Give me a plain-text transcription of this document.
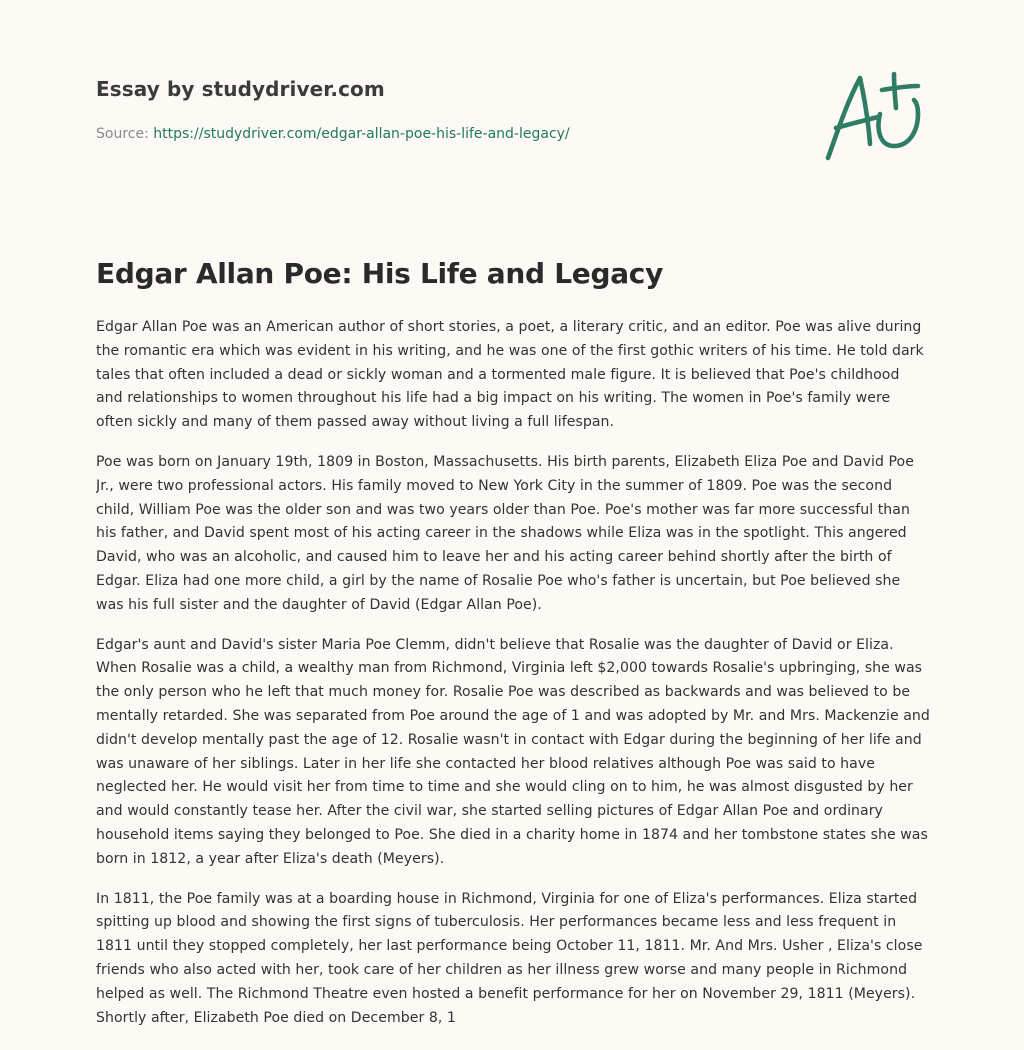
Essay by studydriver.com
Source: https://studydriver.com/edgar-allan-poe-his-life-and-legacy/
Edgar Allan Poe: His Life and Legacy

Edgar Allan Poe was an American author of short stories, a poet, a literary critic, and an editor. Poe was alive during the romantic era which was evident in his writing, and he was one of the first gothic writers of his time. He told dark tales that often included a dead or sickly woman and a tormented male figure. It is believed that Poe's childhood and relationships to women throughout his life had a big impact on his writing. The women in Poe's family were often sickly and many of them passed away without living a full lifespan.

Poe was born on January 19th, 1809 in Boston, Massachusetts. His birth parents, Elizabeth Eliza Poe and David Poe Jr., were two professional actors. His family moved to New York City in the summer of 1809. Poe was the second child, William Poe was the older son and was two years older than Poe. Poe's mother was far more successful than his father, and David spent most of his acting career in the shadows while Eliza was in the spotlight. This angered David, who was an alcoholic, and caused him to leave her and his acting career behind shortly after the birth of Edgar. Eliza had one more child, a girl by the name of Rosalie Poe who's father is uncertain, but Poe believed she was his full sister and the daughter of David (Edgar Allan Poe).

Edgar's aunt and David's sister Maria Poe Clemm, didn't believe that Rosalie was the daughter of David or Eliza. When Rosalie was a child, a wealthy man from Richmond, Virginia left $2,000 towards Rosalie's upbringing, she was the only person who he left that much money for. Rosalie Poe was described as backwards and was believed to be mentally retarded. She was separated from Poe around the age of 1 and was adopted by Mr. and Mrs. Mackenzie and didn't develop mentally past the age of 12. Rosalie wasn't in contact with Edgar during the beginning of her life and was unaware of her siblings. Later in her life she contacted her blood relatives although Poe was said to have neglected her. He would visit her from time to time and she would cling on to him, he was almost disgusted by her and would constantly tease her. After the civil war, she started selling pictures of Edgar Allan Poe and ordinary household items saying they belonged to Poe. She died in a charity home in 1874 and her tombstone states she was born in 1812, a year after Eliza's death (Meyers).

In 1811, the Poe family was at a boarding house in Richmond, Virginia for one of Eliza's performances. Eliza started spitting up blood and showing the first signs of tuberculosis. Her performances became less and less frequent in 1811 until they stopped completely, her last performance being October 11, 1811. Mr. And Mrs. Usher , Eliza's close friends who also acted with her, took care of her children as her illness grew worse and many people in Richmond helped as well. The Richmond Theatre even hosted a benefit performance for her on November 29, 1811 (Meyers). Shortly after, Elizabeth Poe died on December 8, 1
